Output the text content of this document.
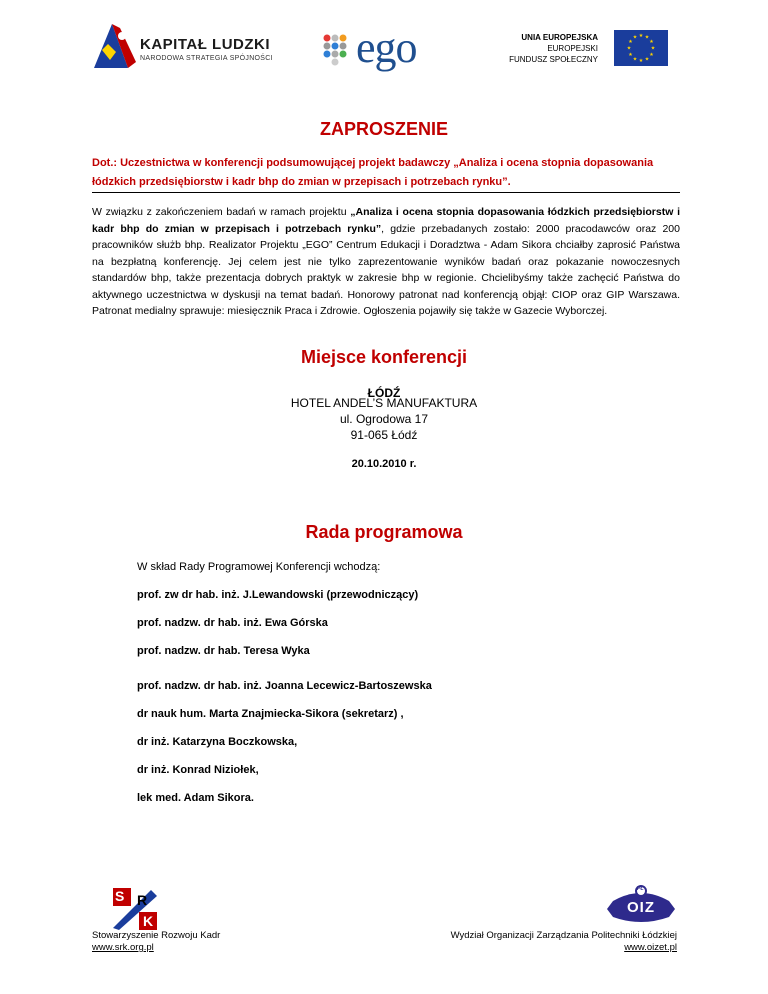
KAPITAŁ LUDZKI
NARODOWA STRATEGIA SPÓJNOŚCI ego	UNIA EUROPEJSKA
EUROPEJSKI
FUNDUSZ SPOŁECZNY
★ ★
★
★
★
★
★
★
★
★
★
★
ZAPROSZENIE
Dot.: Uczestnictwa w konferencji podsumowującej projekt badawczy „Analiza i ocena stopnia dopasowania
łódzkich przedsiębiorstw i kadr bhp do zmian w przepisach i potrzebach rynku”.
W związku z zakończeniem badań w ramach projektu „Analiza i ocena stopnia dopasowania łódzkich przedsiębiorstw i kadr bhp do zmian w przepisach i potrzebach rynku”, gdzie przebadanych zostało: 2000 pracodawców oraz 200 pracowników służb bhp. Realizator Projektu „EGO” Centrum Edukacji i Doradztwa - Adam Sikora chciałby zaprosić Państwa na bezpłatną konferencję. Jej celem jest nie tylko zaprezentowanie wyników badań oraz pokazanie nowoczesnych standardów bhp, także prezentacja dobrych praktyk w zakresie bhp w regionie. Chcielibyśmy także zachęcić Państwa do aktywnego uczestnictwa w dyskusji na temat badań. Honorowy patronat nad konferencją objął: CIOP oraz GIP Warszawa. Patronat medialny sprawuje: miesięcznik Praca i Zdrowie. Ogłoszenia pojawiły się także w Gazecie Wyborczej.
Miejsce konferencji
ŁÓDŹ
HOTEL ANDEL’S MANUFAKTURA
ul. Ogrodowa 17
91-065 Łódź
20.10.2010 r.
Rada programowa
W skład Rady Programowej Konferencji wchodzą:
prof. zw dr hab. inż. J.Lewandowski (przewodniczący)
prof. nadzw. dr hab. inż. Ewa Górska
prof. nadzw. dr hab. Teresa Wyka
prof. nadzw. dr hab. inż. Joanna Lecewicz-Bartoszewska
dr nauk hum. Marta Znajmiecka-Sikora (sekretarz) ,
dr inż. Katarzyna Boczkowska,
dr inż. Konrad Niziołek,
lek med. Adam Sikora.
S R
K
Stowarzyszenie Rozwoju Kadr
www.srk.org.pl
PŁ
OIZ
Wydział Organizacji Zarządzania Politechniki Łódzkiej
www.oizet.pl
